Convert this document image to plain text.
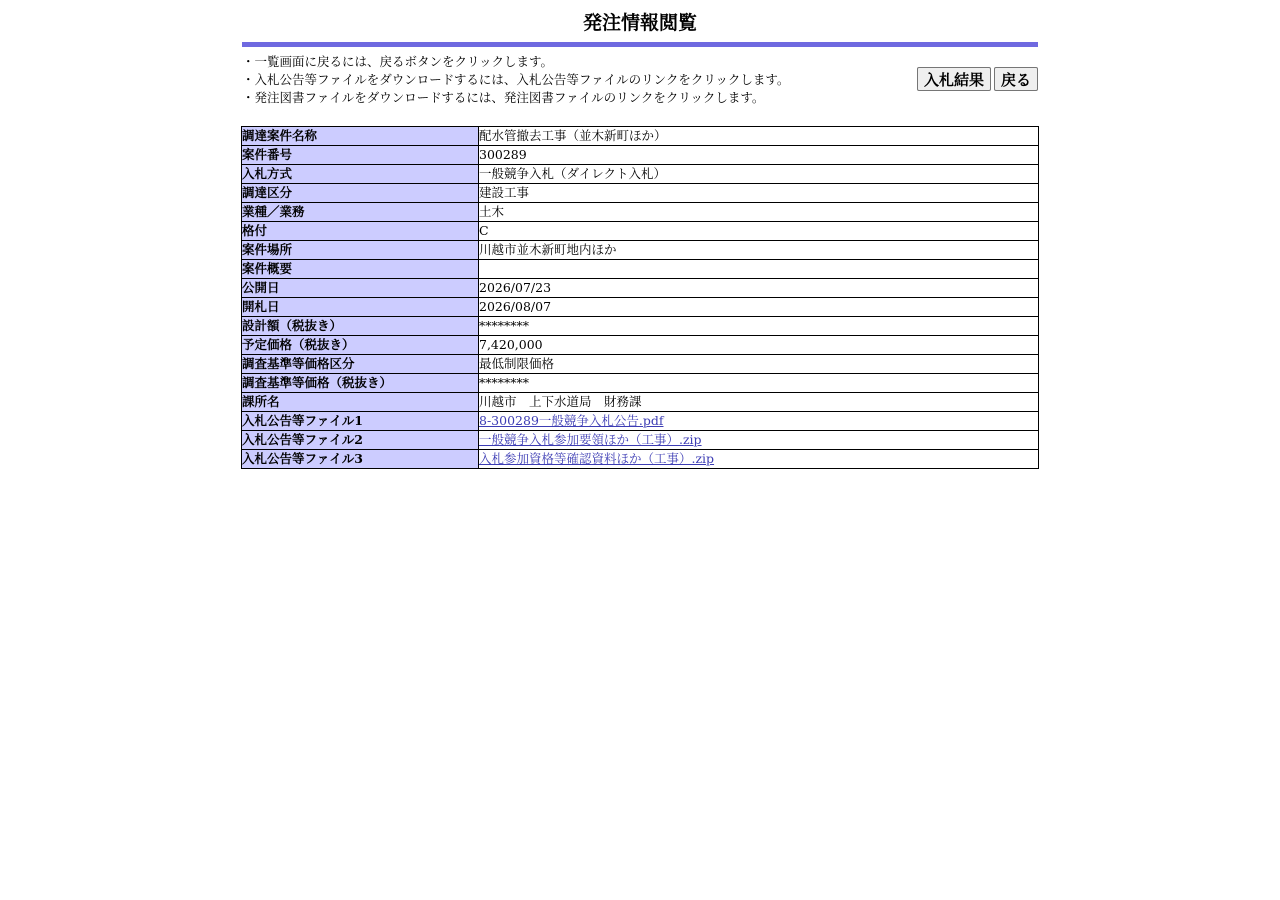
発注情報閲覧
・一覧画面に戻るには、戻るボタンをクリックします。
・入札公告等ファイルをダウンロードするには、入札公告等ファイルのリンクをクリックします。
・発注図書ファイルをダウンロードするには、発注図書ファイルのリンクをクリックします。
入札結果	戻る
調達案件名称	配水管撤去工事（並木新町ほか）
案件番号	300289
入札方式	一般競争入札（ダイレクト入札）
調達区分	建設工事
業種／業務	土木
格付	C
案件場所	川越市並木新町地内ほか
案件概要	
公開日	2026/07/23
開札日	2026/08/07
設計額（税抜き）	********
予定価格（税抜き）	7,420,000
調査基準等価格区分	最低制限価格
調査基準等価格（税抜き）	********
課所名	川越市　上下水道局　財務課
入札公告等ファイル1	8-300289一般競争入札公告.pdf
入札公告等ファイル2	一般競争入札参加要領ほか（工事）.zip
入札公告等ファイル3	入札参加資格等確認資料ほか（工事）.zip
